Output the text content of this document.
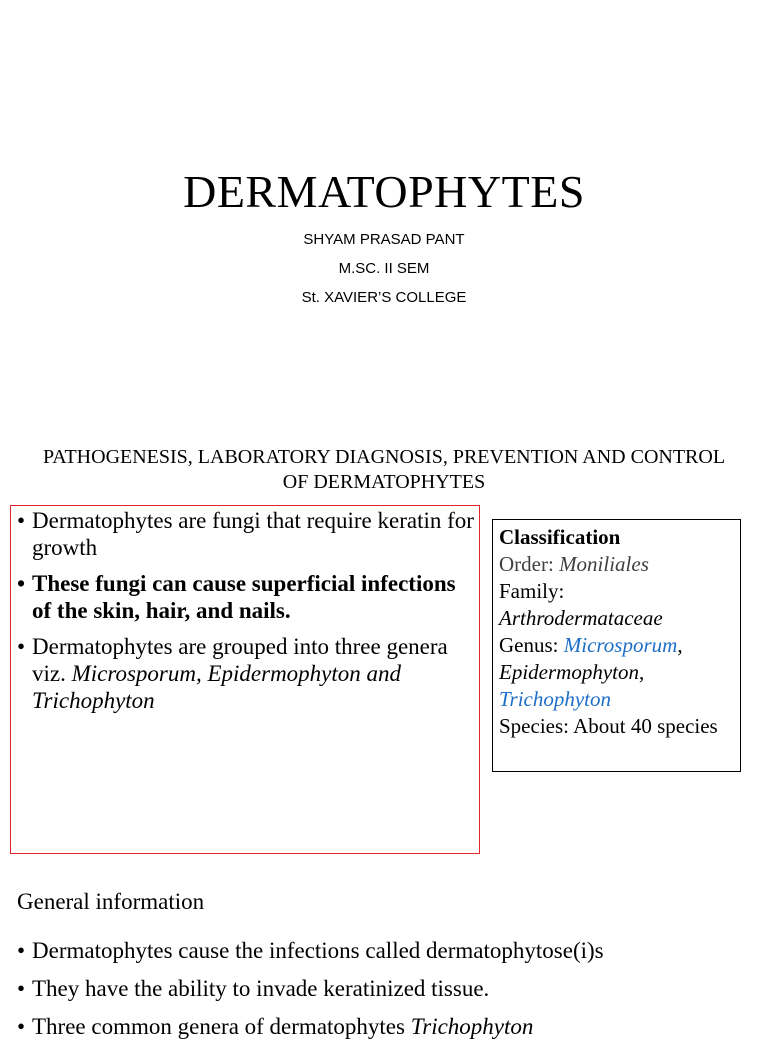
DERMATOPHYTES
SHYAM PRASAD PANT
M.SC. II SEM
St. XAVIER’S COLLEGE
PATHOGENESIS, LABORATORY DIAGNOSIS, PREVENTION AND CONTROL OF DERMATOPHYTES
• Dermatophytes are fungi that require keratin for growth
• These fungi can cause superficial infections of the skin, hair, and nails.
• Dermatophytes are grouped into three genera viz. Microsporum, Epidermophyton and Trichophyton
Classification
Order: Moniliales
Family:
Arthrodermataceae
Genus: Microsporum,
Epidermophyton,
Trichophyton
Species: About 40 species
General information
• Dermatophytes cause the infections called dermatophytose(i)s
• They have the ability to invade keratinized tissue.
• Three common genera of dermatophytes Trichophyton
